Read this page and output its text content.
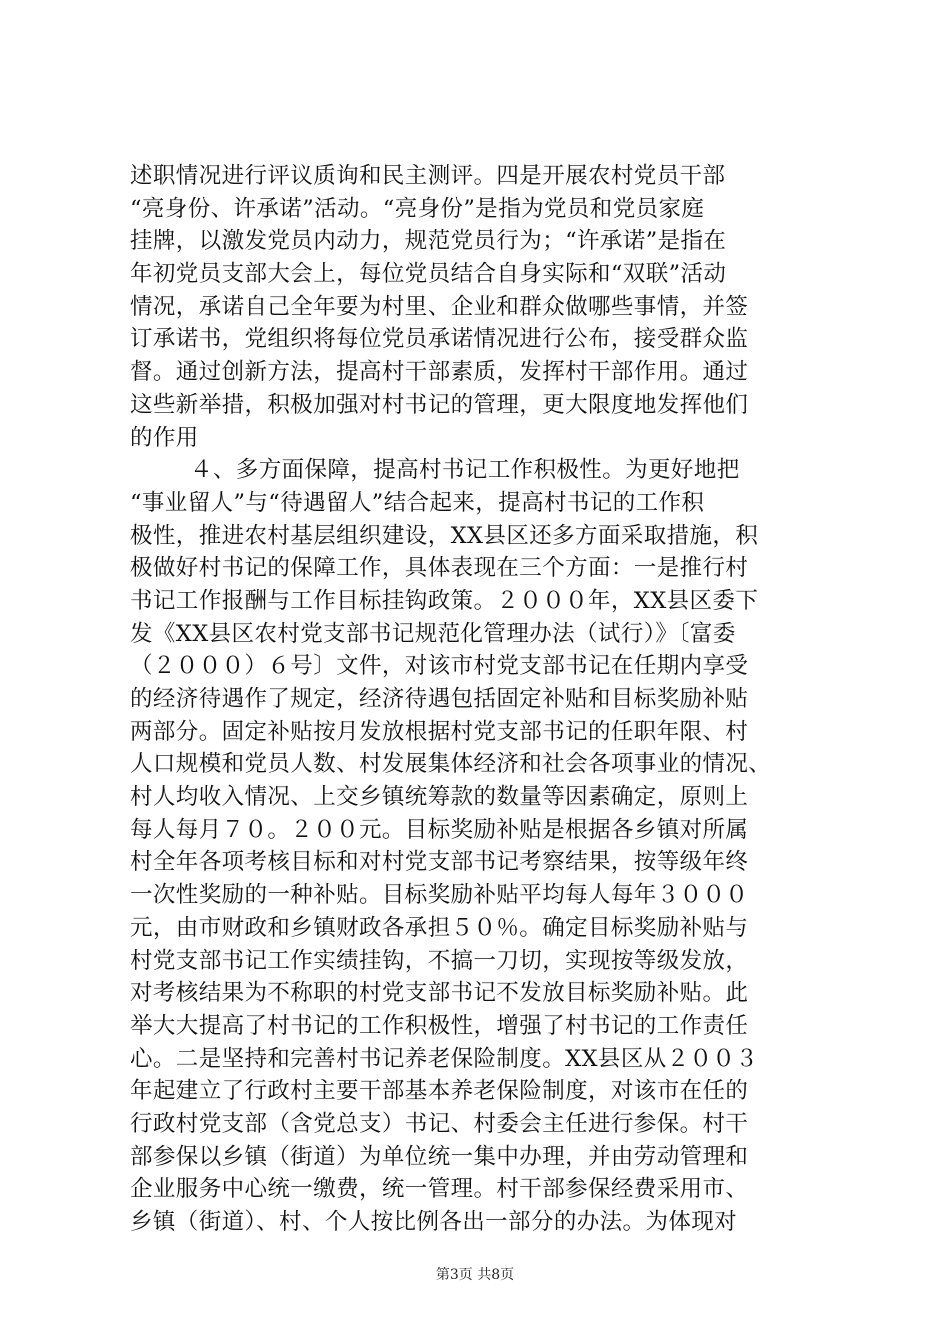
述职情况进行评议质询和民主测评。四是开展农村党员干部
“亮身份、许承诺”活动。“亮身份”是指为党员和党员家庭
挂牌，以激发党员内动力，规范党员行为；“许承诺”是指在
年初党员支部大会上，每位党员结合自身实际和“双联”活动
情况，承诺自己全年要为村里、企业和群众做哪些事情，并签
订承诺书，党组织将每位党员承诺情况进行公布，接受群众监
督。通过创新方法，提高村干部素质，发挥村干部作用。通过
这些新举措，积极加强对村书记的管理，更大限度地发挥他们
的作用
４、多方面保障，提高村书记工作积极性。为更好地把
“事业留人”与“待遇留人”结合起来，提高村书记的工作积
极性，推进农村基层组织建设，XX县区还多方面采取措施，积
极做好村书记的保障工作，具体表现在三个方面：一是推行村
书记工作报酬与工作目标挂钩政策。２０００年，XX县区委下
发《XX县区农村党支部书记规范化管理办法（试行）》〔富委
（２０００）６号〕文件，对该市村党支部书记在任期内享受
的经济待遇作了规定，经济待遇包括固定补贴和目标奖励补贴
两部分。固定补贴按月发放根据村党支部书记的任职年限、村
人口规模和党员人数、村发展集体经济和社会各项事业的情况、
村人均收入情况、上交乡镇统筹款的数量等因素确定，原则上
每人每月７０。２００元。目标奖励补贴是根据各乡镇对所属
村全年各项考核目标和对村党支部书记考察结果，按等级年终
一次性奖励的一种补贴。目标奖励补贴平均每人每年３０００
元，由市财政和乡镇财政各承担５０％。确定目标奖励补贴与
村党支部书记工作实绩挂钩，不搞一刀切，实现按等级发放，
对考核结果为不称职的村党支部书记不发放目标奖励补贴。此
举大大提高了村书记的工作积极性，增强了村书记的工作责任
心。二是坚持和完善村书记养老保险制度。XX县区从２００３
年起建立了行政村主要干部基本养老保险制度，对该市在任的
行政村党支部（含党总支）书记、村委会主任进行参保。村干
部参保以乡镇（街道）为单位统一集中办理，并由劳动管理和
企业服务中心统一缴费，统一管理。村干部参保经费采用市、
乡镇（街道）、村、个人按比例各出一部分的办法。为体现对
第3页 共8页
